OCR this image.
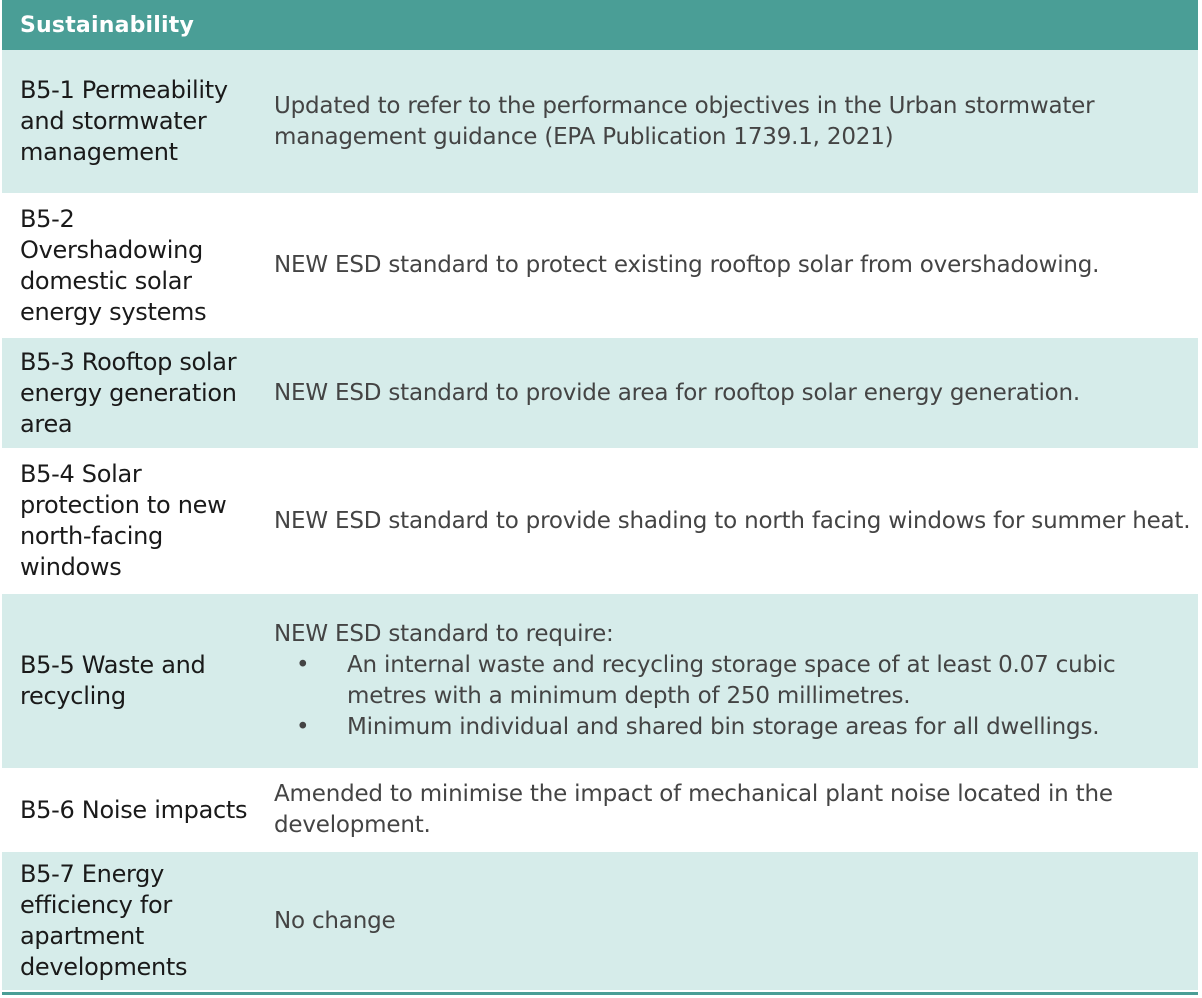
Sustainability
B5-1 Permeability and stormwater management
Updated to refer to the performance objectives in the Urban stormwater management guidance (EPA Publication 1739.1, 2021)
B5-2 Overshadowing domestic solar energy systems
NEW ESD standard to protect existing rooftop solar from overshadowing.
B5-3 Rooftop solar energy generation area
NEW ESD standard to provide area for rooftop solar energy generation.
B5-4 Solar protection to new north-facing windows
NEW ESD standard to provide shading to north facing windows for summer heat.
B5-5 Waste and recycling
NEW ESD standard to require:
• An internal waste and recycling storage space of at least 0.07 cubic metres with a minimum depth of 250 millimetres.
• Minimum individual and shared bin storage areas for all dwellings.
B5-6 Noise impacts
Amended to minimise the impact of mechanical plant noise located in the development.
B5-7 Energy efficiency for apartment developments
No change
